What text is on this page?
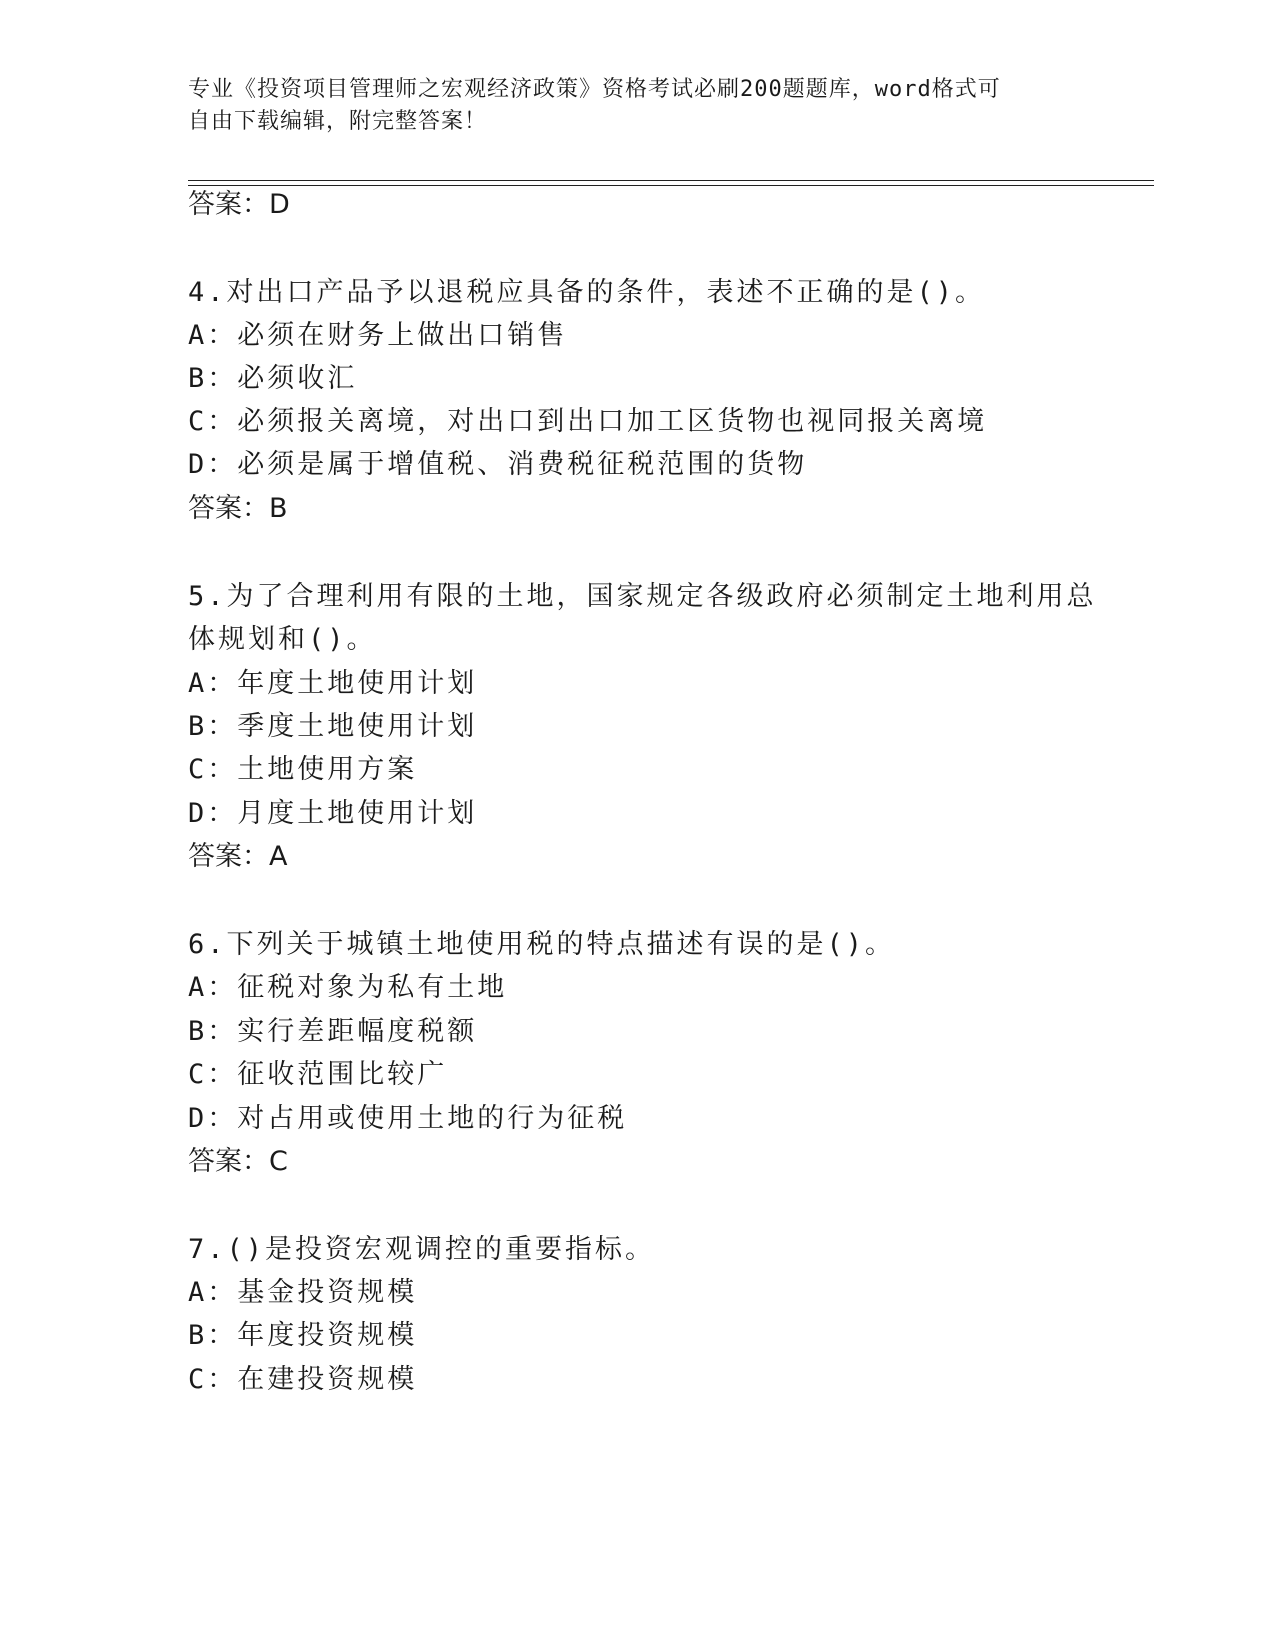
专业《投资项目管理师之宏观经济政策》资格考试必刷200题题库，word格式可
自由下载编辑，附完整答案！
答案：D
4.对出口产品予以退税应具备的条件，表述不正确的是()。
A：必须在财务上做出口销售
B：必须收汇
C：必须报关离境，对出口到出口加工区货物也视同报关离境
D：必须是属于增值税、消费税征税范围的货物
答案：B
5.为了合理利用有限的土地，国家规定各级政府必须制定土地利用总
体规划和()。
A：年度土地使用计划
B：季度土地使用计划
C：土地使用方案
D：月度土地使用计划
答案：A
6.下列关于城镇土地使用税的特点描述有误的是()。
A：征税对象为私有土地
B：实行差距幅度税额
C：征收范围比较广
D：对占用或使用土地的行为征税
答案：C
7.()是投资宏观调控的重要指标。
A：基金投资规模
B：年度投资规模
C：在建投资规模
